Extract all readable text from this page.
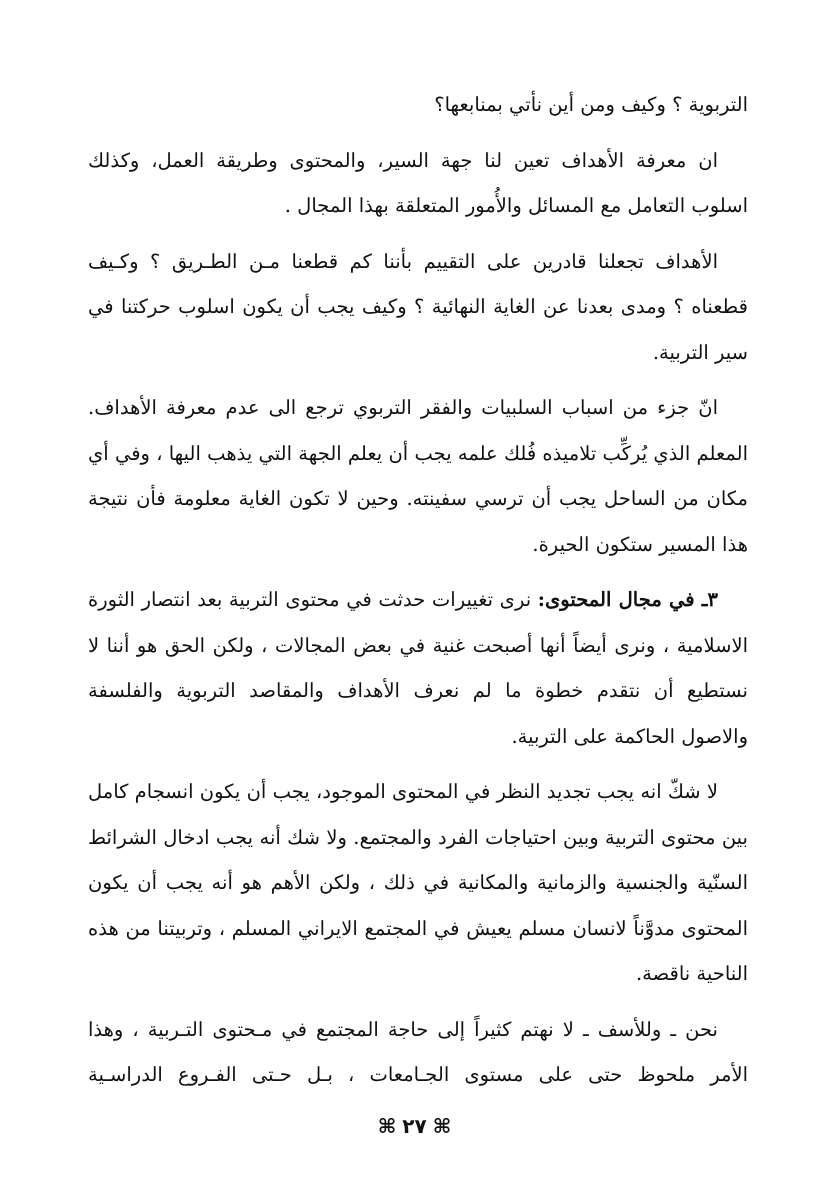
التربوية ؟ وكيف ومن أين نأتي بمنابعها؟

ان معرفة الأهداف تعين لنا جهة السير، والمحتوى وطريقة العمل، وكذلك اسلوب التعامل مع المسائل والأُمور المتعلقة بهذا المجال .

الأهداف تجعلنا قادرين على التقييم بأننا كم قطعنا مـن الطـريق ؟ وكـيف قطعناه ؟ ومدى بعدنا عن الغاية النهائية ؟ وكيف يجب أن يكون اسلوب حركتنا في سير التربية.

انّ جزء من اسباب السلبيات والفقر التربوي ترجع الى عدم معرفة الأهداف. المعلم الذي يُركِّب تلاميذه فُلك علمه يجب أن يعلم الجهة التي يذهب اليها ، وفي أي مكان من الساحل يجب أن ترسي سفينته. وحين لا تكون الغاية معلومة فأن نتيجة هذا المسير ستكون الحيرة.

٣ـ في مجال المحتوى: نرى تغييرات حدثت في محتوى التربية بعد انتصار الثورة الاسلامية ، ونرى أيضاً أنها أصبحت غنية في بعض المجالات ، ولكن الحق هو أننا لا نستطيع أن نتقدم خطوة ما لم نعرف الأهداف والمقاصد التربوية والفلسفة والاصول الحاكمة على التربية.

لا شكّ انه يجب تجديد النظر في المحتوى الموجود، يجب أن يكون انسجام كامل بين محتوى التربية وبين احتياجات الفرد والمجتمع. ولا شك أنه يجب ادخال الشرائط السنّية والجنسية والزمانية والمكانية في ذلك ، ولكن الأهم هو أنه يجب أن يكون المحتوى مدوَّناً لانسان مسلم يعيش في المجتمع الايراني المسلم ، وتربيتنا من هذه الناحية ناقصة.

نحن ـ وللأسف ـ لا نهتم كثيراً إلى حاجة المجتمع في مـحتوى التـربية ، وهذا الأمر ملحوظ حتى على مستوى الجـامعات ، بـل حـتى الفـروع الدراسـية

⌘٢٧⌘
